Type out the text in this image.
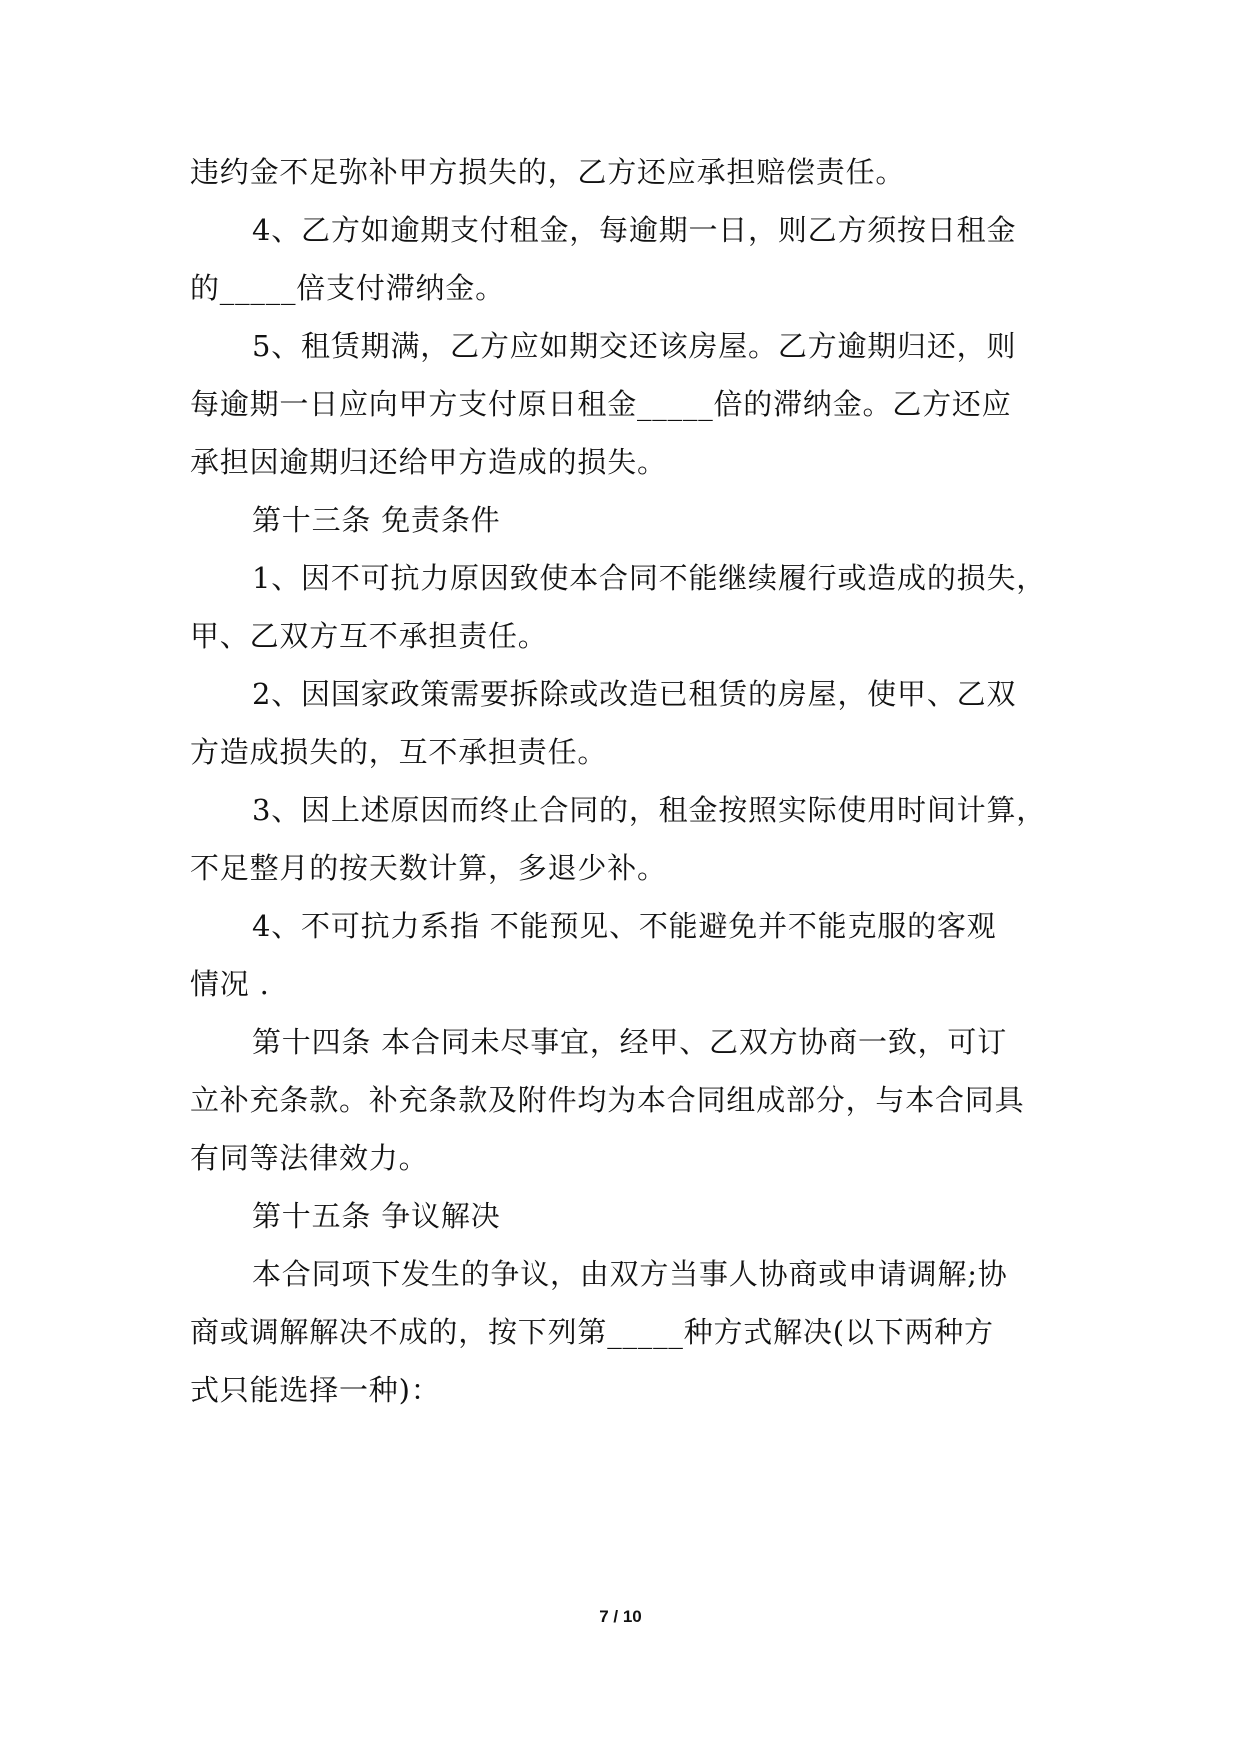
违约金不足弥补甲方损失的，乙方还应承担赔偿责任。
4、乙方如逾期支付租金，每逾期一日，则乙方须按日租金
的_____倍支付滞纳金。
5、租赁期满，乙方应如期交还该房屋。乙方逾期归还，则
每逾期一日应向甲方支付原日租金_____倍的滞纳金。乙方还应
承担因逾期归还给甲方造成的损失。
第十三条 免责条件
1、因不可抗力原因致使本合同不能继续履行或造成的损失，
甲、乙双方互不承担责任。
2、因国家政策需要拆除或改造已租赁的房屋，使甲、乙双
方造成损失的，互不承担责任。
3、因上述原因而终止合同的，租金按照实际使用时间计算，
不足整月的按天数计算，多退少补。
4、不可抗力系指 不能预见、不能避免并不能克服的客观
情况 .
第十四条 本合同未尽事宜，经甲、乙双方协商一致，可订
立补充条款。补充条款及附件均为本合同组成部分，与本合同具
有同等法律效力。
第十五条 争议解决
本合同项下发生的争议，由双方当事人协商或申请调解;协
商或调解解决不成的，按下列第_____种方式解决(以下两种方
式只能选择一种)：
7 / 10
